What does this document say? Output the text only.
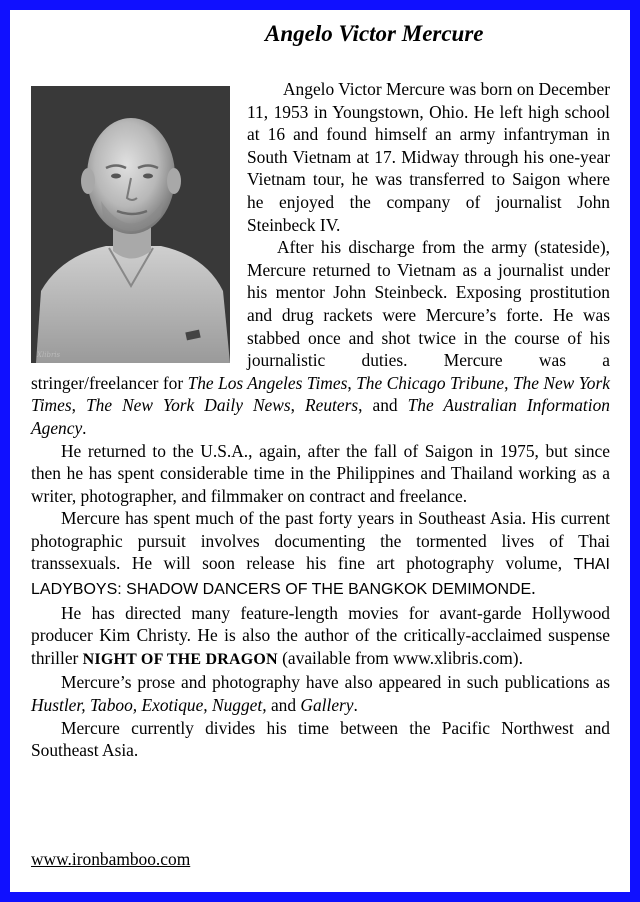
Angelo Victor Mercure
Xlibris

Angelo Victor Mercure was born on December 11, 1953 in Youngstown, Ohio. He left high school at 16 and found himself an army infantryman in South Vietnam at 17. Midway through his one-year Vietnam tour, he was transferred to Saigon where he enjoyed the company of journalist John Steinbeck IV.

After his discharge from the army (stateside), Mercure returned to Vietnam as a journalist under his mentor John Steinbeck. Exposing prostitution and drug rackets were Mercure’s forte. He was stabbed once and shot twice in the course of his journalistic duties. Mercure was a stringer/freelancer for The Los Angeles Times, The Chicago Tribune, The New York Times, The New York Daily News, Reuters, and The Australian Information Agency.

He returned to the U.S.A., again, after the fall of Saigon in 1975, but since then he has spent considerable time in the Philippines and Thailand working as a writer, photographer, and filmmaker on contract and freelance.

Mercure has spent much of the past forty years in Southeast Asia. His current photographic pursuit involves documenting the tormented lives of Thai transsexuals. He will soon release his fine art photography volume, THAI LADYBOYS: SHADOW DANCERS OF THE BANGKOK DEMIMONDE.

He has directed many feature-length movies for avant-garde Hollywood producer Kim Christy. He is also the author of the critically-acclaimed suspense thriller NIGHT OF THE DRAGON (available from www.xlibris.com).

Mercure’s prose and photography have also appeared in such publications as Hustler, Taboo, Exotique, Nugget, and Gallery.

Mercure currently divides his time between the Pacific Northwest and Southeast Asia.

www.ironbamboo.com
